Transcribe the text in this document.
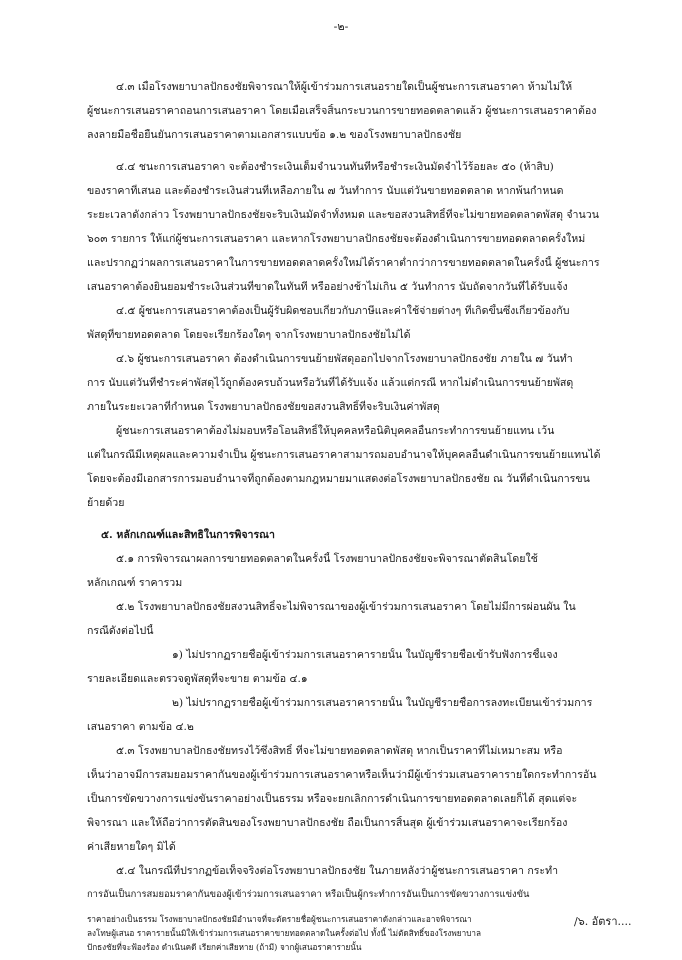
-๒-
๔.๓ เมื่อโรงพยาบาลปักธงชัยพิจารณาให้ผู้เข้าร่วมการเสนอรายใดเป็นผู้ชนะการเสนอราคา ห้ามไม่ให้
ผู้ชนะการเสนอราคาถอนการเสนอราคา โดยเมื่อเสร็จสิ้นกระบวนการขายทอดตลาดแล้ว ผู้ชนะการเสนอราคาต้อง
ลงลายมือชื่อยืนยันการเสนอราคาตามเอกสารแบบข้อ ๑.๒ ของโรงพยาบาลปักธงชัย
๔.๔ ชนะการเสนอราคา จะต้องชำระเงินเต็มจำนวนทันทีหรือชำระเงินมัดจำไว้ร้อยละ ๕๐ (ห้าสิบ)
ของราคาที่เสนอ และต้องชำระเงินส่วนที่เหลือภายใน ๗ วันทำการ นับแต่วันขายทอดตลาด หากพ้นกำหนด
ระยะเวลาดังกล่าว โรงพยาบาลปักธงชัยจะริบเงินมัดจำทั้งหมด และขอสงวนสิทธิ์ที่จะไม่ขายทอดตลาดพัสดุ จำนวน
๖๐๓ รายการ ให้แก่ผู้ชนะการเสนอราคา และหากโรงพยาบาลปักธงชัยจะต้องดำเนินการขายทอดตลาดครั้งใหม่
และปรากฏว่าผลการเสนอราคาในการขายทอดตลาดครั้งใหม่ได้ราคาต่ำกว่าการขายทอดตลาดในครั้งนี้ ผู้ชนะการ
เสนอราคาต้องยินยอมชำระเงินส่วนที่ขาดในทันที หรืออย่างช้าไม่เกิน ๕ วันทำการ นับถัดจากวันที่ได้รับแจ้ง
๔.๕ ผู้ชนะการเสนอราคาต้องเป็นผู้รับผิดชอบเกี่ยวกับภาษีและค่าใช้จ่ายต่างๆ ที่เกิดขึ้นซึ่งเกี่ยวข้องกับ
พัสดุที่ขายทอดตลาด โดยจะเรียกร้องใดๆ จากโรงพยาบาลปักธงชัยไม่ได้
๔.๖ ผู้ชนะการเสนอราคา ต้องดำเนินการขนย้ายพัสดุออกไปจากโรงพยาบาลปักธงชัย ภายใน ๗ วันทำ
การ นับแต่วันที่ชำระค่าพัสดุไว้ถูกต้องครบถ้วนหรือวันที่ได้รับแจ้ง แล้วแต่กรณี หากไม่ดำเนินการขนย้ายพัสดุ
ภายในระยะเวลาที่กำหนด โรงพยาบาลปักธงชัยขอสงวนสิทธิ์ที่จะริบเงินค่าพัสดุ
ผู้ชนะการเสนอราคาต้องไม่มอบหรือโอนสิทธิ์ให้บุคคลหรือนิติบุคคลอื่นกระทำการขนย้ายแทน เว้น
แต่ในกรณีมีเหตุผลและความจำเป็น ผู้ชนะการเสนอราคาสามารถมอบอำนาจให้บุคคลอื่นดำเนินการขนย้ายแทนได้
โดยจะต้องมีเอกสารการมอบอำนาจที่ถูกต้องตามกฎหมายมาแสดงต่อโรงพยาบาลปักธงชัย ณ วันที่ดำเนินการขน
ย้ายด้วย
๕. หลักเกณฑ์และสิทธิในการพิจารณา
๕.๑ การพิจารณาผลการขายทอดตลาดในครั้งนี้ โรงพยาบาลปักธงชัยจะพิจารณาตัดสินโดยใช้
หลักเกณฑ์ ราคารวม
๕.๒ โรงพยาบาลปักธงชัยสงวนสิทธิ์จะไม่พิจารณาของผู้เข้าร่วมการเสนอราคา โดยไม่มีการผ่อนผัน ใน
กรณีดังต่อไปนี้
๑) ไม่ปรากฏรายชื่อผู้เข้าร่วมการเสนอราคารายนั้น ในบัญชีรายชื่อเข้ารับฟังการชี้แจง
รายละเอียดและตรวจดูพัสดุที่จะขาย ตามข้อ ๔.๑
๒) ไม่ปรากฏรายชื่อผู้เข้าร่วมการเสนอราคารายนั้น ในบัญชีรายชื่อการลงทะเบียนเข้าร่วมการ
เสนอราคา ตามข้อ ๔.๒
๕.๓ โรงพยาบาลปักธงชัยทรงไว้ซึ่งสิทธิ์ ที่จะไม่ขายทอดตลาดพัสดุ หากเป็นราคาที่ไม่เหมาะสม หรือ
เห็นว่าอาจมีการสมยอมราคากันของผู้เข้าร่วมการเสนอราคาหรือเห็นว่ามีผู้เข้าร่วมเสนอราคารายใดกระทำการอัน
เป็นการขัดขวางการแข่งขันราคาอย่างเป็นธรรม หรือจะยกเลิกการดำเนินการขายทอดตลาดเลยก็ได้ สุดแต่จะ
พิจารณา และให้ถือว่าการตัดสินของโรงพยาบาลปักธงชัย ถือเป็นการสิ้นสุด ผู้เข้าร่วมเสนอราคาจะเรียกร้อง
ค่าเสียหายใดๆ มิได้
๕.๔ ในกรณีที่ปรากฏข้อเท็จจริงต่อโรงพยาบาลปักธงชัย ในภายหลังว่าผู้ชนะการเสนอราคา กระทำ
การอันเป็นการสมยอมราคากันของผู้เข้าร่วมการเสนอราคา หรือเป็นผู้กระทำการอันเป็นการขัดขวางการแข่งขัน
ราคาอย่างเป็นธรรม โรงพยาบาลปักธงชัยมีอำนาจที่จะตัดรายชื่อผู้ชนะการเสนอราคาดังกล่าวและอาจพิจารณา
ลงโทษผู้เสนอ ราคารายนั้นมิให้เข้าร่วมการเสนอราคาขายทอดตลาดในครั้งต่อไป ทั้งนี้ ไม่ตัดสิทธิ์ของโรงพยาบาล
ปักธงชัยที่จะฟ้องร้อง ดำเนินคดี เรียกค่าเสียหาย (ถ้ามี) จากผู้เสนอราคารายนั้น
/๖. อัตรา....
